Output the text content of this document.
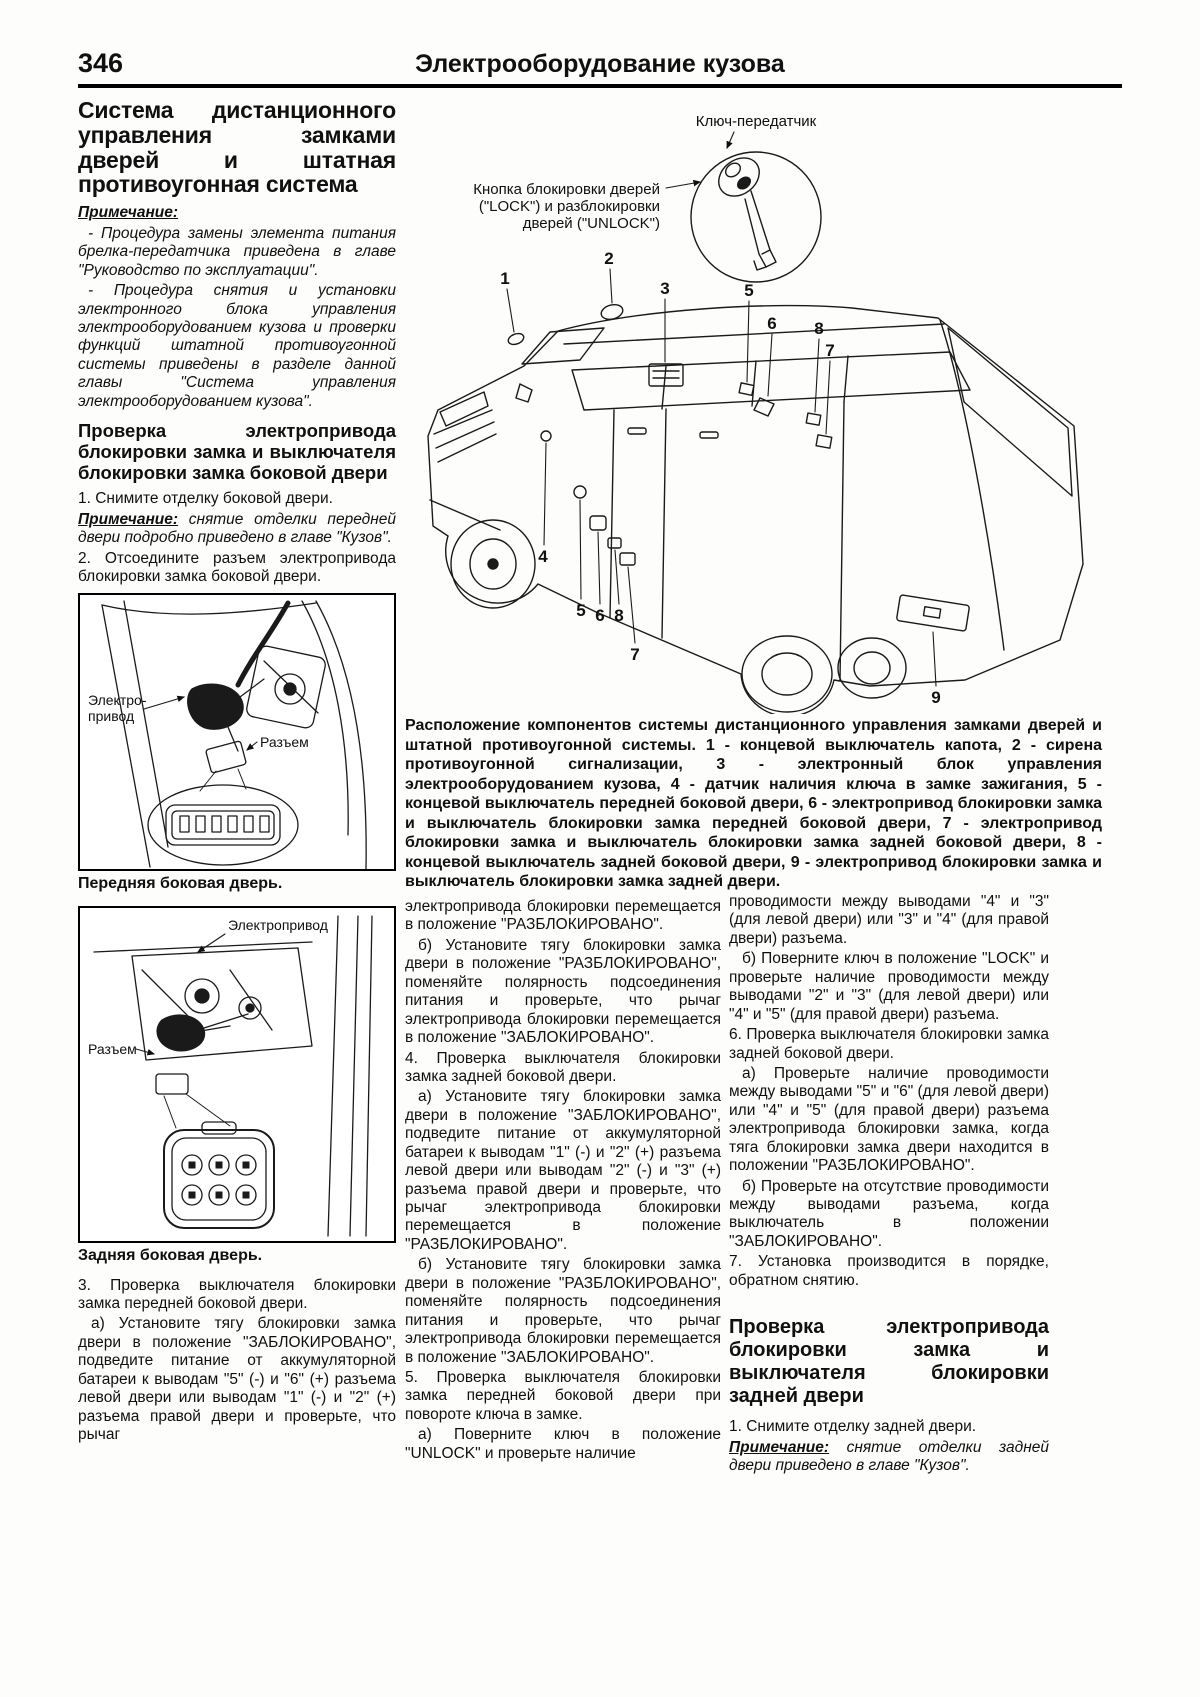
346	Электрооборудование кузова
Система дистанционного управления замками дверей и штатная противоугонная система

Примечание:

- Процедура замены элемента питания брелка-передатчика приведена в главе "Руководство по эксплуатации".

- Процедура снятия и установки электронного блока управления электрооборудованием кузова и проверки функций штатной противоугонной системы приведены в разделе данной главы "Система управления электрооборудованием кузова".

Проверка электропривода блокировки замка и выключателя блокировки замка боковой двери

1. Снимите отделку боковой двери.

Примечание: снятие отделки передней двери подробно приведено в главе "Кузов".

2. Отсоедините разъем электропривода блокировки замка боковой двери.

Электро-
привод
Разъем

Передняя боковая дверь.

Электропривод
Разъем

Задняя боковая дверь.

3. Проверка выключателя блокировки замка передней боковой двери.

а) Установите тягу блокировки замка двери в положение "ЗАБЛОКИРОВАНО", подведите питание от аккумуляторной батареи к выводам "5" (-) и "6" (+) разъема левой двери или выводам "1" (-) и "2" (+) разъема правой двери и проверьте, что рычаг

Ключ-передатчик
Кнопка блокировки дверей
("LOCK") и разблокировки
дверей ("UNLOCK")
1
2
3	5
6 8
7
4
5 6 8
7
9

Расположение компонентов системы дистанционного управления замками дверей и штатной противоугонной системы. 1 - концевой выключатель капота, 2 - сирена противоугонной сигнализации, 3 - электронный блок управления электрооборудованием кузова, 4 - датчик наличия ключа в замке зажигания, 5 - концевой выключатель передней боковой двери, 6 - электропривод блокировки замка и выключатель блокировки замка передней боковой двери, 7 - электропривод блокировки замка и выключатель блокировки замка задней боковой двери, 8 - концевой выключатель задней боковой двери, 9 - электропривод блокировки замка и выключатель блокировки замка задней двери.

электропривода блокировки перемещается в положение "РАЗБЛОКИРОВАНО".

б) Установите тягу блокировки замка двери в положение "РАЗБЛОКИРОВАНО", поменяйте полярность подсоединения питания и проверьте, что рычаг электропривода блокировки перемещается в положение "ЗАБЛОКИРОВАНО".

4. Проверка выключателя блокировки замка задней боковой двери.

а) Установите тягу блокировки замка двери в положение "ЗАБЛОКИРОВАНО", подведите питание от аккумуляторной батареи к выводам "1" (-) и "2" (+) разъема левой двери или выводам "2" (-) и "3" (+) разъема правой двери и проверьте, что рычаг электропривода блокировки перемещается в положение "РАЗБЛОКИРОВАНО".

б) Установите тягу блокировки замка двери в положение "РАЗБЛОКИРОВАНО", поменяйте полярность подсоединения питания и проверьте, что рычаг электропривода блокировки перемещается в положение "ЗАБЛОКИРОВАНО".

5. Проверка выключателя блокировки замка передней боковой двери при повороте ключа в замке.

а) Поверните ключ в положение "UNLOCK" и проверьте наличие

проводимости между выводами "4" и "3" (для левой двери) или "3" и "4" (для правой двери) разъема.

б) Поверните ключ в положение "LOCK" и проверьте наличие проводимости между выводами "2" и "3" (для левой двери) или "4" и "5" (для правой двери) разъема.

6. Проверка выключателя блокировки замка задней боковой двери.

а) Проверьте наличие проводимости между выводами "5" и "6" (для левой двери) или "4" и "5" (для правой двери) разъема электропривода блокировки замка, когда тяга блокировки замка двери находится в положении "РАЗБЛОКИРОВАНО".

б) Проверьте на отсутствие проводимости между выводами разъема, когда выключатель в положении "ЗАБЛОКИРОВАНО".

7. Установка производится в порядке, обратном снятию.

Проверка электропривода блокировки замка и выключателя блокировки задней двери

1. Снимите отделку задней двери.

Примечание: снятие отделки задней двери приведено в главе "Кузов".
